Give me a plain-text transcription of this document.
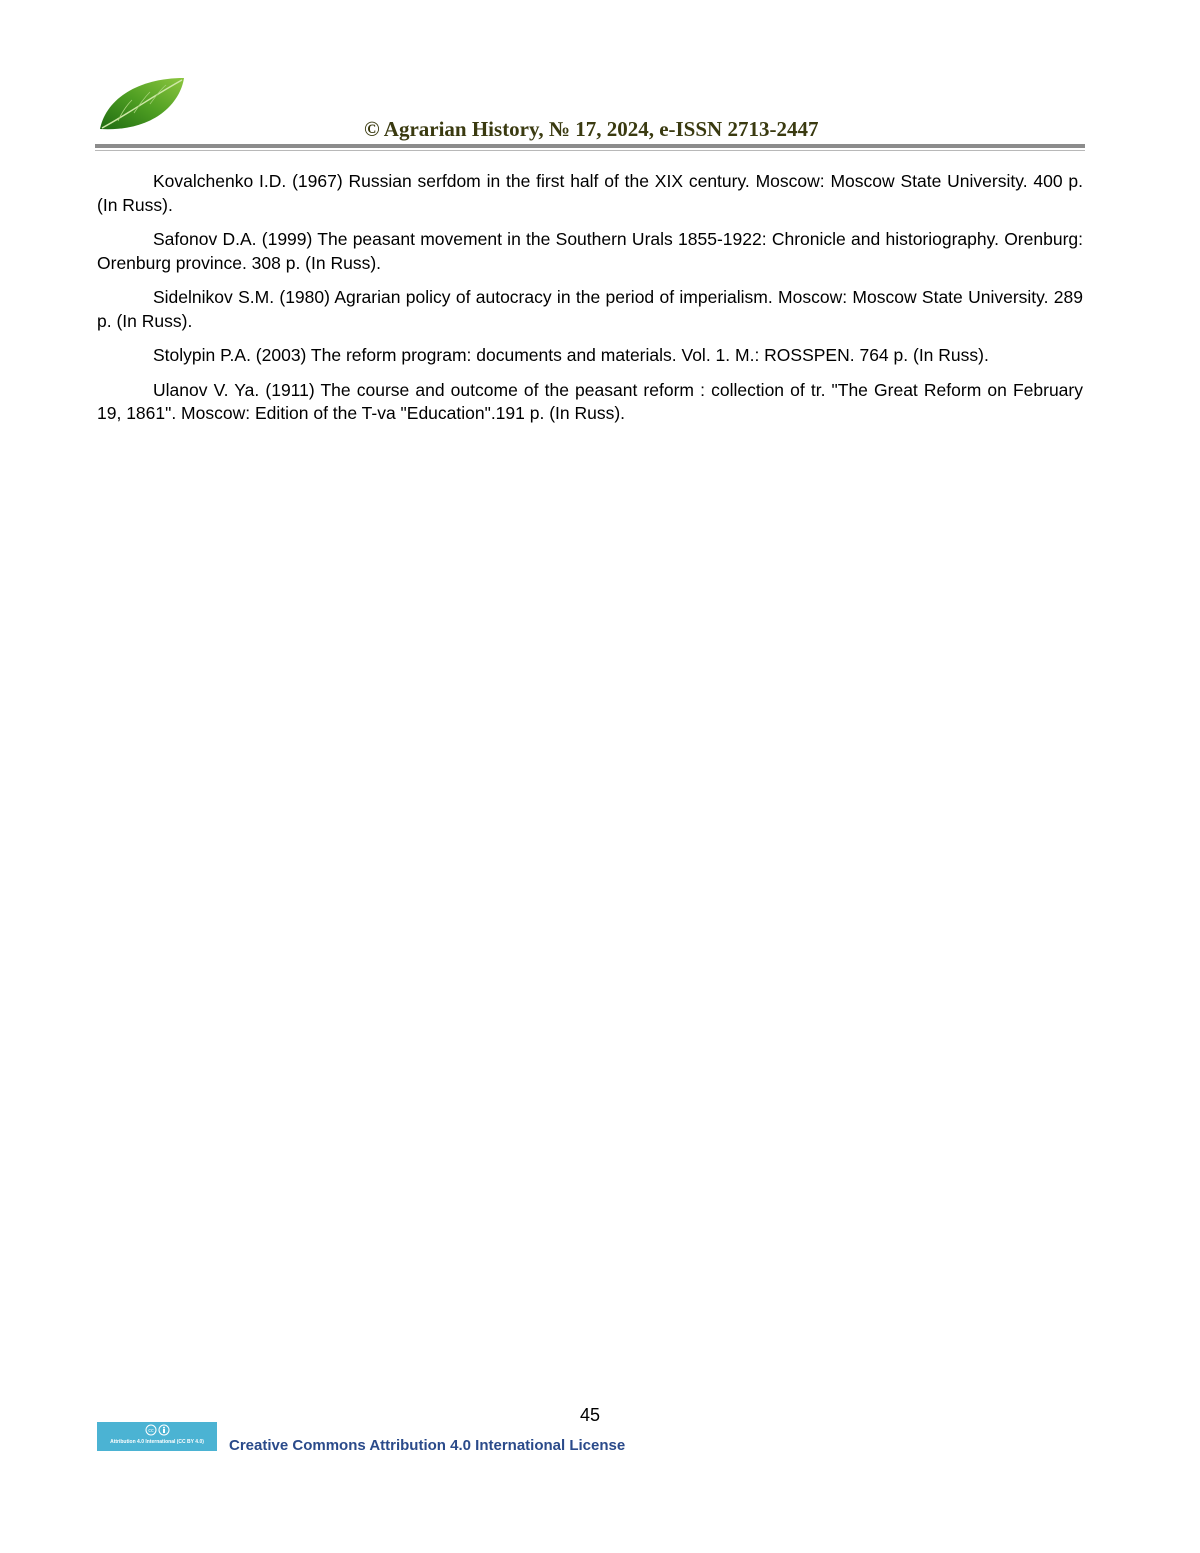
© Agrarian History, № 17, 2024, e-ISSN 2713-2447
Kovalchenko I.D. (1967) Russian serfdom in the first half of the XIX century. Moscow: Moscow State University. 400 p. (In Russ).
Safonov D.A. (1999) The peasant movement in the Southern Urals 1855-1922: Chronicle and historiography. Orenburg: Orenburg province. 308 p. (In Russ).
Sidelnikov S.M. (1980) Agrarian policy of autocracy in the period of imperialism. Moscow: Moscow State University. 289 p. (In Russ).
Stolypin P.A. (2003) The reform program: documents and materials. Vol. 1. M.: ROSSPEN. 764 p. (In Russ).
Ulanov V. Ya. (1911) The course and outcome of the peasant reform : collection of tr. "The Great Reform on February 19, 1861". Moscow: Edition of the T-va "Education".191 p. (In Russ).
45
cc
Attribution 4.0 International (CC BY 4.0)	Creative Commons Attribution 4.0 International License
